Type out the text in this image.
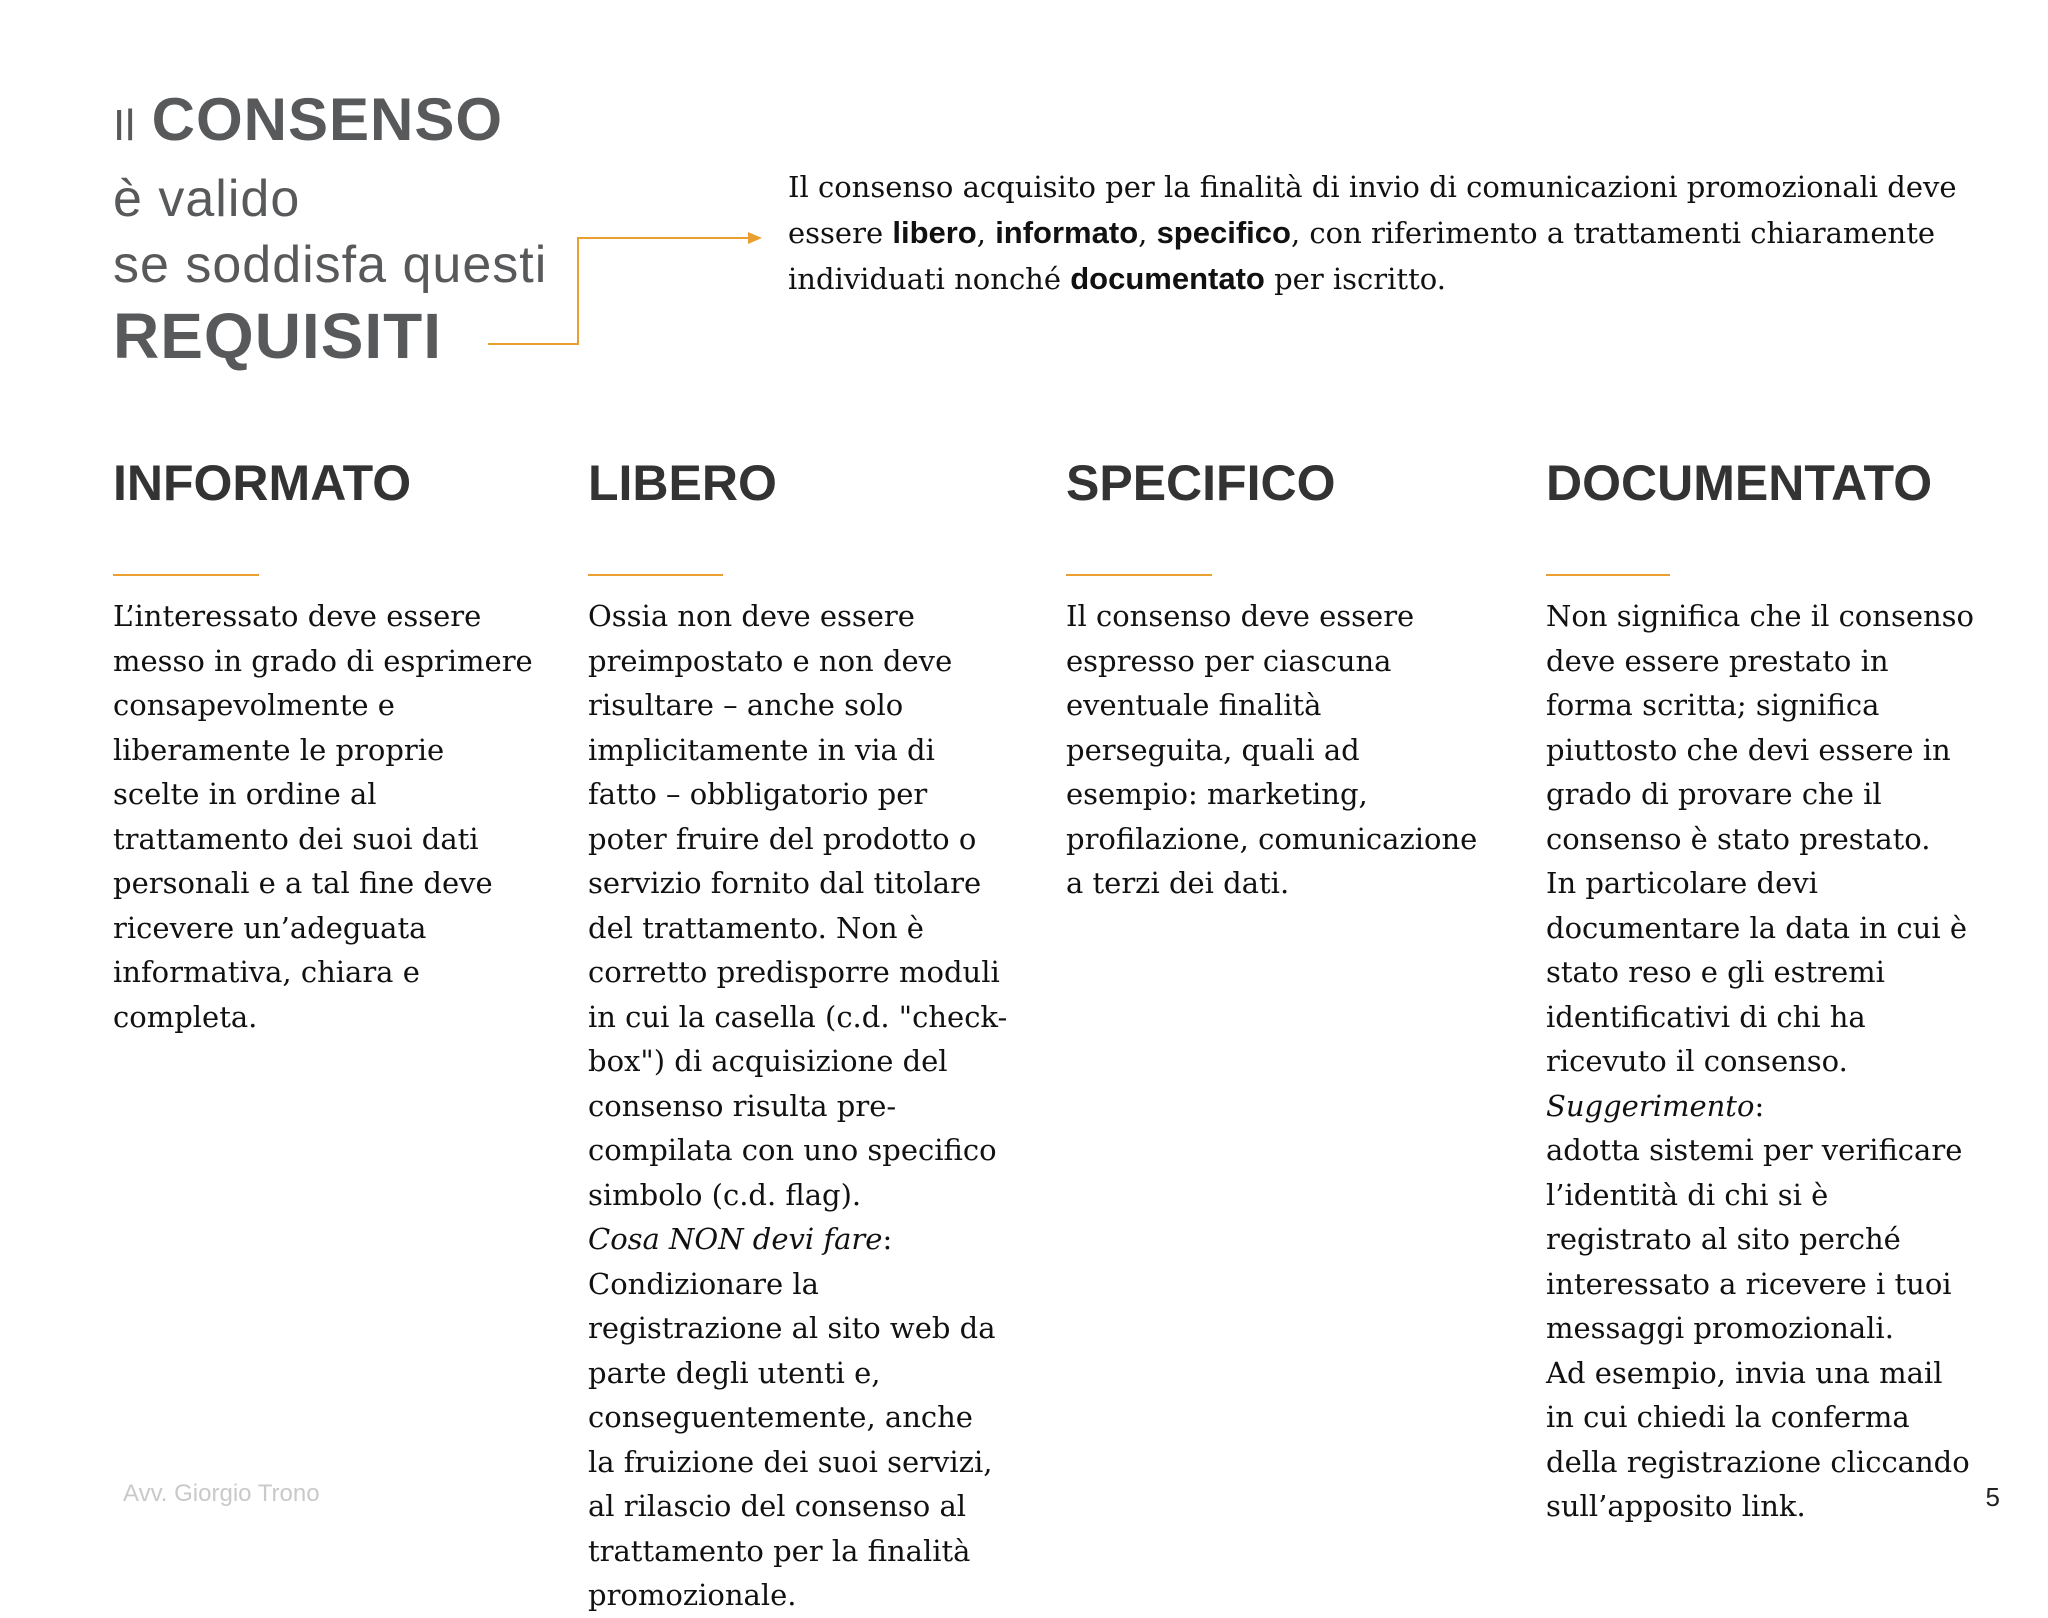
Il CONSENSO
è valido
se soddisfa questi
REQUISITI
Il consenso acquisito per la finalità di invio di comunicazioni promozionali deve essere libero, informato, specifico, con riferimento a trattamenti chiaramente individuati nonché documentato per iscritto.
INFORMATO

L’interessato deve essere messo in grado di esprimere consapevolmente e liberamente le proprie scelte in ordine al trattamento dei suoi dati personali e a tal fine deve ricevere un’adeguata informativa, chiara e completa.

LIBERO

Ossia non deve essere preimpostato e non deve risultare – anche solo implicitamente in via di fatto – obbligatorio per poter fruire del prodotto o servizio fornito dal titolare del trattamento. Non è corretto predisporre moduli in cui la casella (c.d. "check-box") di acquisizione del consenso risulta pre-compilata con uno specifico simbolo (c.d. flag).

Cosa NON devi fare:

Condizionare la registrazione al sito web da parte degli utenti e, conseguentemente, anche la fruizione dei suoi servizi, al rilascio del consenso al trattamento per la finalità promozionale.

SPECIFICO

Il consenso deve essere espresso per ciascuna eventuale finalità perseguita, quali ad esempio: marketing, profilazione, comunicazione a terzi dei dati.

DOCUMENTATO

Non significa che il consenso deve essere prestato in forma scritta; significa piuttosto che devi essere in grado di provare che il consenso è stato prestato.

In particolare devi documentare la data in cui è stato reso e gli estremi identificativi di chi ha ricevuto il consenso.

Suggerimento:

adotta sistemi per verificare l’identità di chi si è registrato al sito perché interessato a ricevere i tuoi messaggi promozionali.

Ad esempio, invia una mail in cui chiedi la conferma della registrazione cliccando sull’apposito link.

Avv. Giorgio Trono	5
